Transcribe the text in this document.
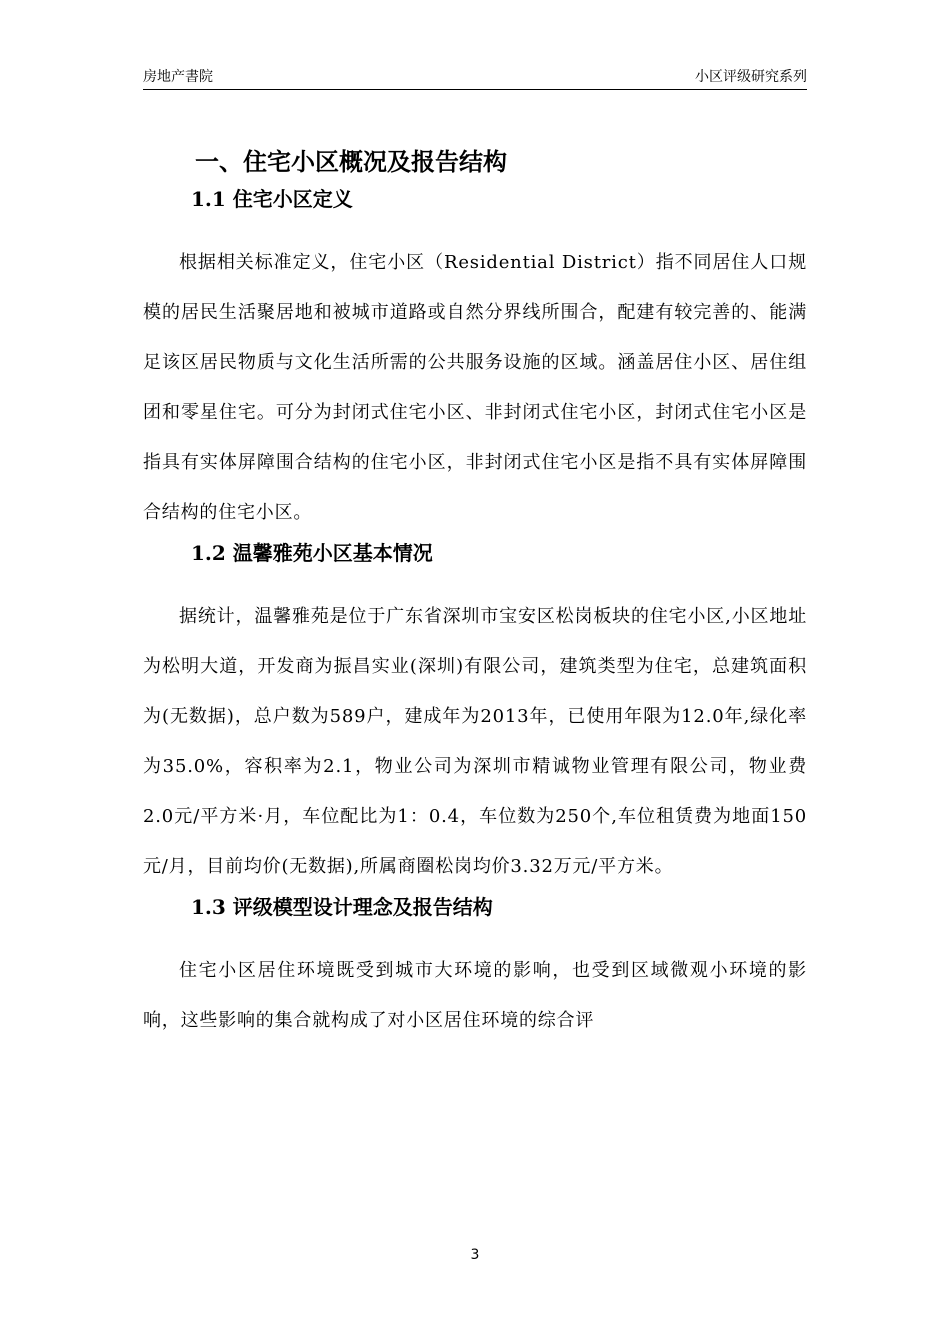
房地产書院	小区评级研究系列
一、住宅小区概况及报告结构
1.1 住宅小区定义

根据相关标准定义，住宅小区（Residential District）指不同居住人口规模的居民生活聚居地和被城市道路或自然分界线所围合，配建有较完善的、能满足该区居民物质与文化生活所需的公共服务设施的区域。涵盖居住小区、居住组团和零星住宅。可分为封闭式住宅小区、非封闭式住宅小区，封闭式住宅小区是指具有实体屏障围合结构的住宅小区，非封闭式住宅小区是指不具有实体屏障围合结构的住宅小区。

1.2 温馨雅苑小区基本情况

据统计，温馨雅苑是位于广东省深圳市宝安区松岗板块的住宅小区,小区地址为松明大道，开发商为振昌实业(深圳)有限公司，建筑类型为住宅，总建筑面积为(无数据)，总户数为589户，建成年为2013年，已使用年限为12.0年,绿化率为35.0%，容积率为2.1，物业公司为深圳市精诚物业管理有限公司，物业费2.0元/平方米·月，车位配比为1：0.4，车位数为250个,车位租赁费为地面150元/月，目前均价(无数据),所属商圈松岗均价3.32万元/平方米。

1.3 评级模型设计理念及报告结构

住宅小区居住环境既受到城市大环境的影响，也受到区域微观小环境的影响，这些影响的集合就构成了对小区居住环境的综合评

3
